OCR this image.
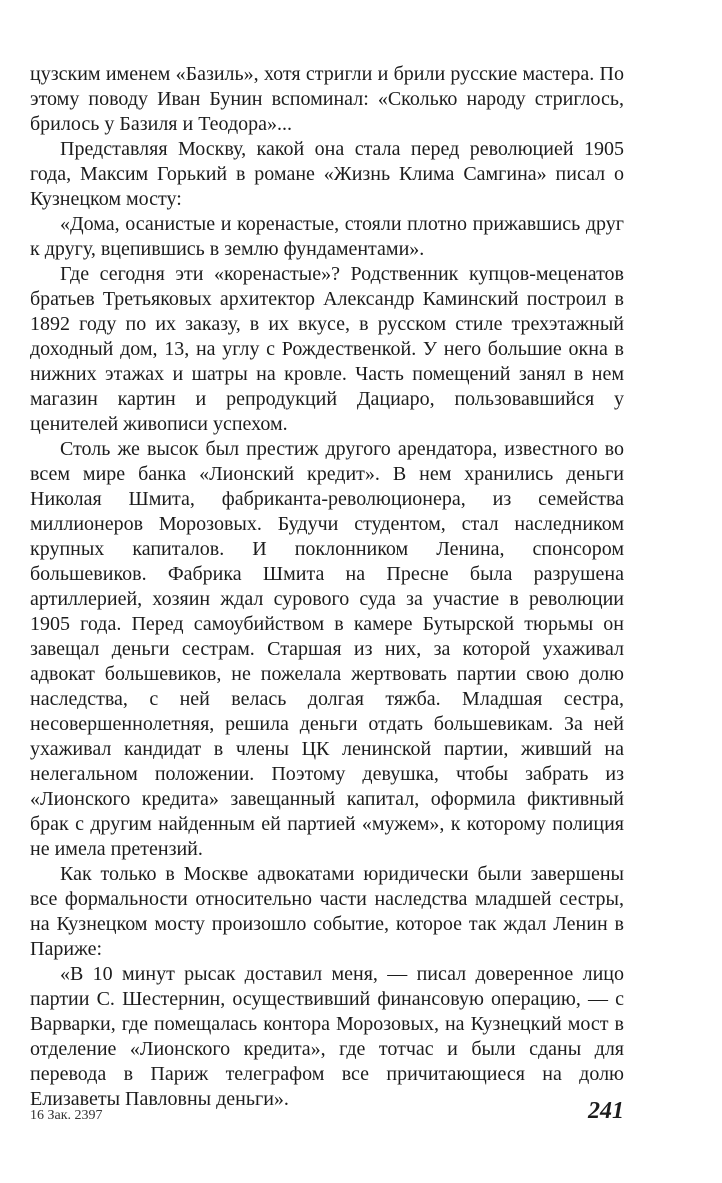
цузским именем «Базиль», хотя стригли и брили русские мастера. По этому поводу Иван Бунин вспоминал: «Сколько народу стриглось, брилось у Базиля и Теодора»...

Представляя Москву, какой она стала перед революцией 1905 года, Максим Горький в романе «Жизнь Клима Самгина» писал о Кузнецком мосту:

«Дома, осанистые и коренастые, стояли плотно прижавшись друг к другу, вцепившись в землю фундаментами».

Где сегодня эти «коренастые»? Родственник купцов-меценатов братьев Третьяковых архитектор Александр Каминский построил в 1892 году по их заказу, в их вкусе, в русском стиле трехэтажный доходный дом, 13, на углу с Рождественкой. У него большие окна в нижних этажах и шатры на кровле. Часть помещений занял в нем магазин картин и репродукций Дациаро, пользовавшийся у ценителей живописи успехом.

Столь же высок был престиж другого арендатора, известного во всем мире банка «Лионский кредит». В нем хранились деньги Николая Шмита, фабриканта-революционера, из семейства миллионеров Морозовых. Будучи студентом, стал наследником крупных капиталов. И поклонником Ленина, спонсором большевиков. Фабрика Шмита на Пресне была разрушена артиллерией, хозяин ждал сурового суда за участие в революции 1905 года. Перед самоубийством в камере Бутырской тюрьмы он завещал деньги сестрам. Старшая из них, за которой ухаживал адвокат большевиков, не пожелала жертвовать партии свою долю наследства, с ней велась долгая тяжба. Младшая сестра, несовершеннолетняя, решила деньги отдать большевикам. За ней ухаживал кандидат в члены ЦК ленинской партии, живший на нелегальном положении. Поэтому девушка, чтобы забрать из «Лионского кредита» завещанный капитал, оформила фиктивный брак с другим найденным ей партией «мужем», к которому полиция не имела претензий.

Как только в Москве адвокатами юридически были завершены все формальности относительно части наследства младшей сестры, на Кузнецком мосту произошло событие, которое так ждал Ленин в Париже:

«В 10 минут рысак доставил меня, — писал доверенное лицо партии С. Шестернин, осуществивший финансовую операцию, — с Варварки, где помещалась контора Морозовых, на Кузнецкий мост в отделение «Лионского кредита», где тотчас и были сданы для перевода в Париж телеграфом все причитающиеся на долю Елизаветы Павловны деньги».

16 Зак. 2397	241
